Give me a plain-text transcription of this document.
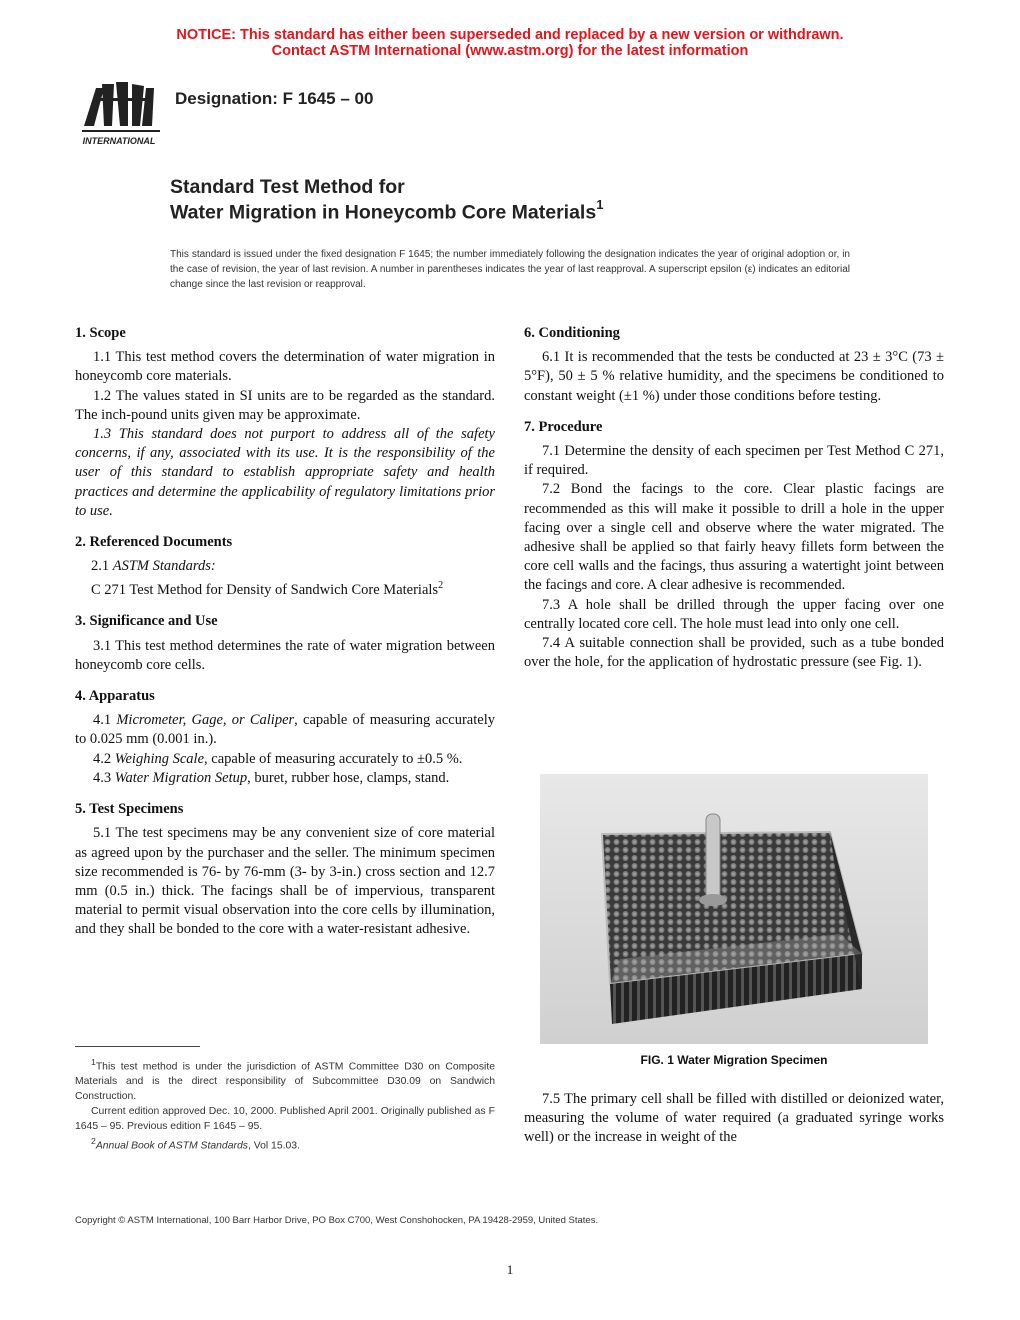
NOTICE: This standard has either been superseded and replaced by a new version or withdrawn.
Contact ASTM International (www.astm.org) for the latest information
INTERNATIONAL
Designation: F 1645 – 00
Standard Test Method for
Water Migration in Honeycomb Core Materials$^1$
This standard is issued under the fixed designation F 1645; the number immediately following the designation indicates the year of original adoption or, in the case of revision, the year of last revision. A number in parentheses indicates the year of last reapproval. A superscript epsilon (ε) indicates an editorial change since the last revision or reapproval.

1. Scope

1.1 This test method covers the determination of water migration in honeycomb core materials.

1.2 The values stated in SI units are to be regarded as the standard. The inch-pound units given may be approximate.

1.3 This standard does not purport to address all of the safety concerns, if any, associated with its use. It is the responsibility of the user of this standard to establish appropriate safety and health practices and determine the applicability of regulatory limitations prior to use.

2. Referenced Documents

2.1 ASTM Standards:

C 271 Test Method for Density of Sandwich Core Materials$^2$

3. Significance and Use

3.1 This test method determines the rate of water migration between honeycomb core cells.

4. Apparatus

4.1 Micrometer, Gage, or Caliper, capable of measuring accurately to 0.025 mm (0.001 in.).

4.2 Weighing Scale, capable of measuring accurately to ±0.5 %.

4.3 Water Migration Setup, buret, rubber hose, clamps, stand.

5. Test Specimens

5.1 The test specimens may be any convenient size of core material as agreed upon by the purchaser and the seller. The minimum specimen size recommended is 76- by 76-mm (3- by 3-in.) cross section and 12.7 mm (0.5 in.) thick. The facings shall be of impervious, transparent material to permit visual observation into the core cells by illumination, and they shall be bonded to the core with a water-resistant adhesive.

$^1$This test method is under the jurisdiction of ASTM Committee D30 on Composite Materials and is the direct responsibility of Subcommittee D30.09 on Sandwich Construction.

Current edition approved Dec. 10, 2000. Published April 2001. Originally published as F 1645 – 95. Previous edition F 1645 – 95.

$^2$Annual Book of ASTM Standards, Vol 15.03.

6. Conditioning

6.1 It is recommended that the tests be conducted at 23 ± 3°C (73 ± 5°F), 50 ± 5 % relative humidity, and the specimens be conditioned to constant weight (±1 %) under those conditions before testing.

7. Procedure

7.1 Determine the density of each specimen per Test Method C 271, if required.

7.2 Bond the facings to the core. Clear plastic facings are recommended as this will make it possible to drill a hole in the upper facing over a single cell and observe where the water migrated. The adhesive shall be applied so that fairly heavy fillets form between the core cell walls and the facings, thus assuring a watertight joint between the facings and core. A clear adhesive is recommended.

7.3 A hole shall be drilled through the upper facing over one centrally located core cell. The hole must lead into only one cell.

7.4 A suitable connection shall be provided, such as a tube bonded over the hole, for the application of hydrostatic pressure (see Fig. 1).

FIG. 1 Water Migration Specimen

7.5 The primary cell shall be filled with distilled or deionized water, measuring the volume of water required (a graduated syringe works well) or the increase in weight of the

Copyright © ASTM International, 100 Barr Harbor Drive, PO Box C700, West Conshohocken, PA 19428-2959, United States.
1
